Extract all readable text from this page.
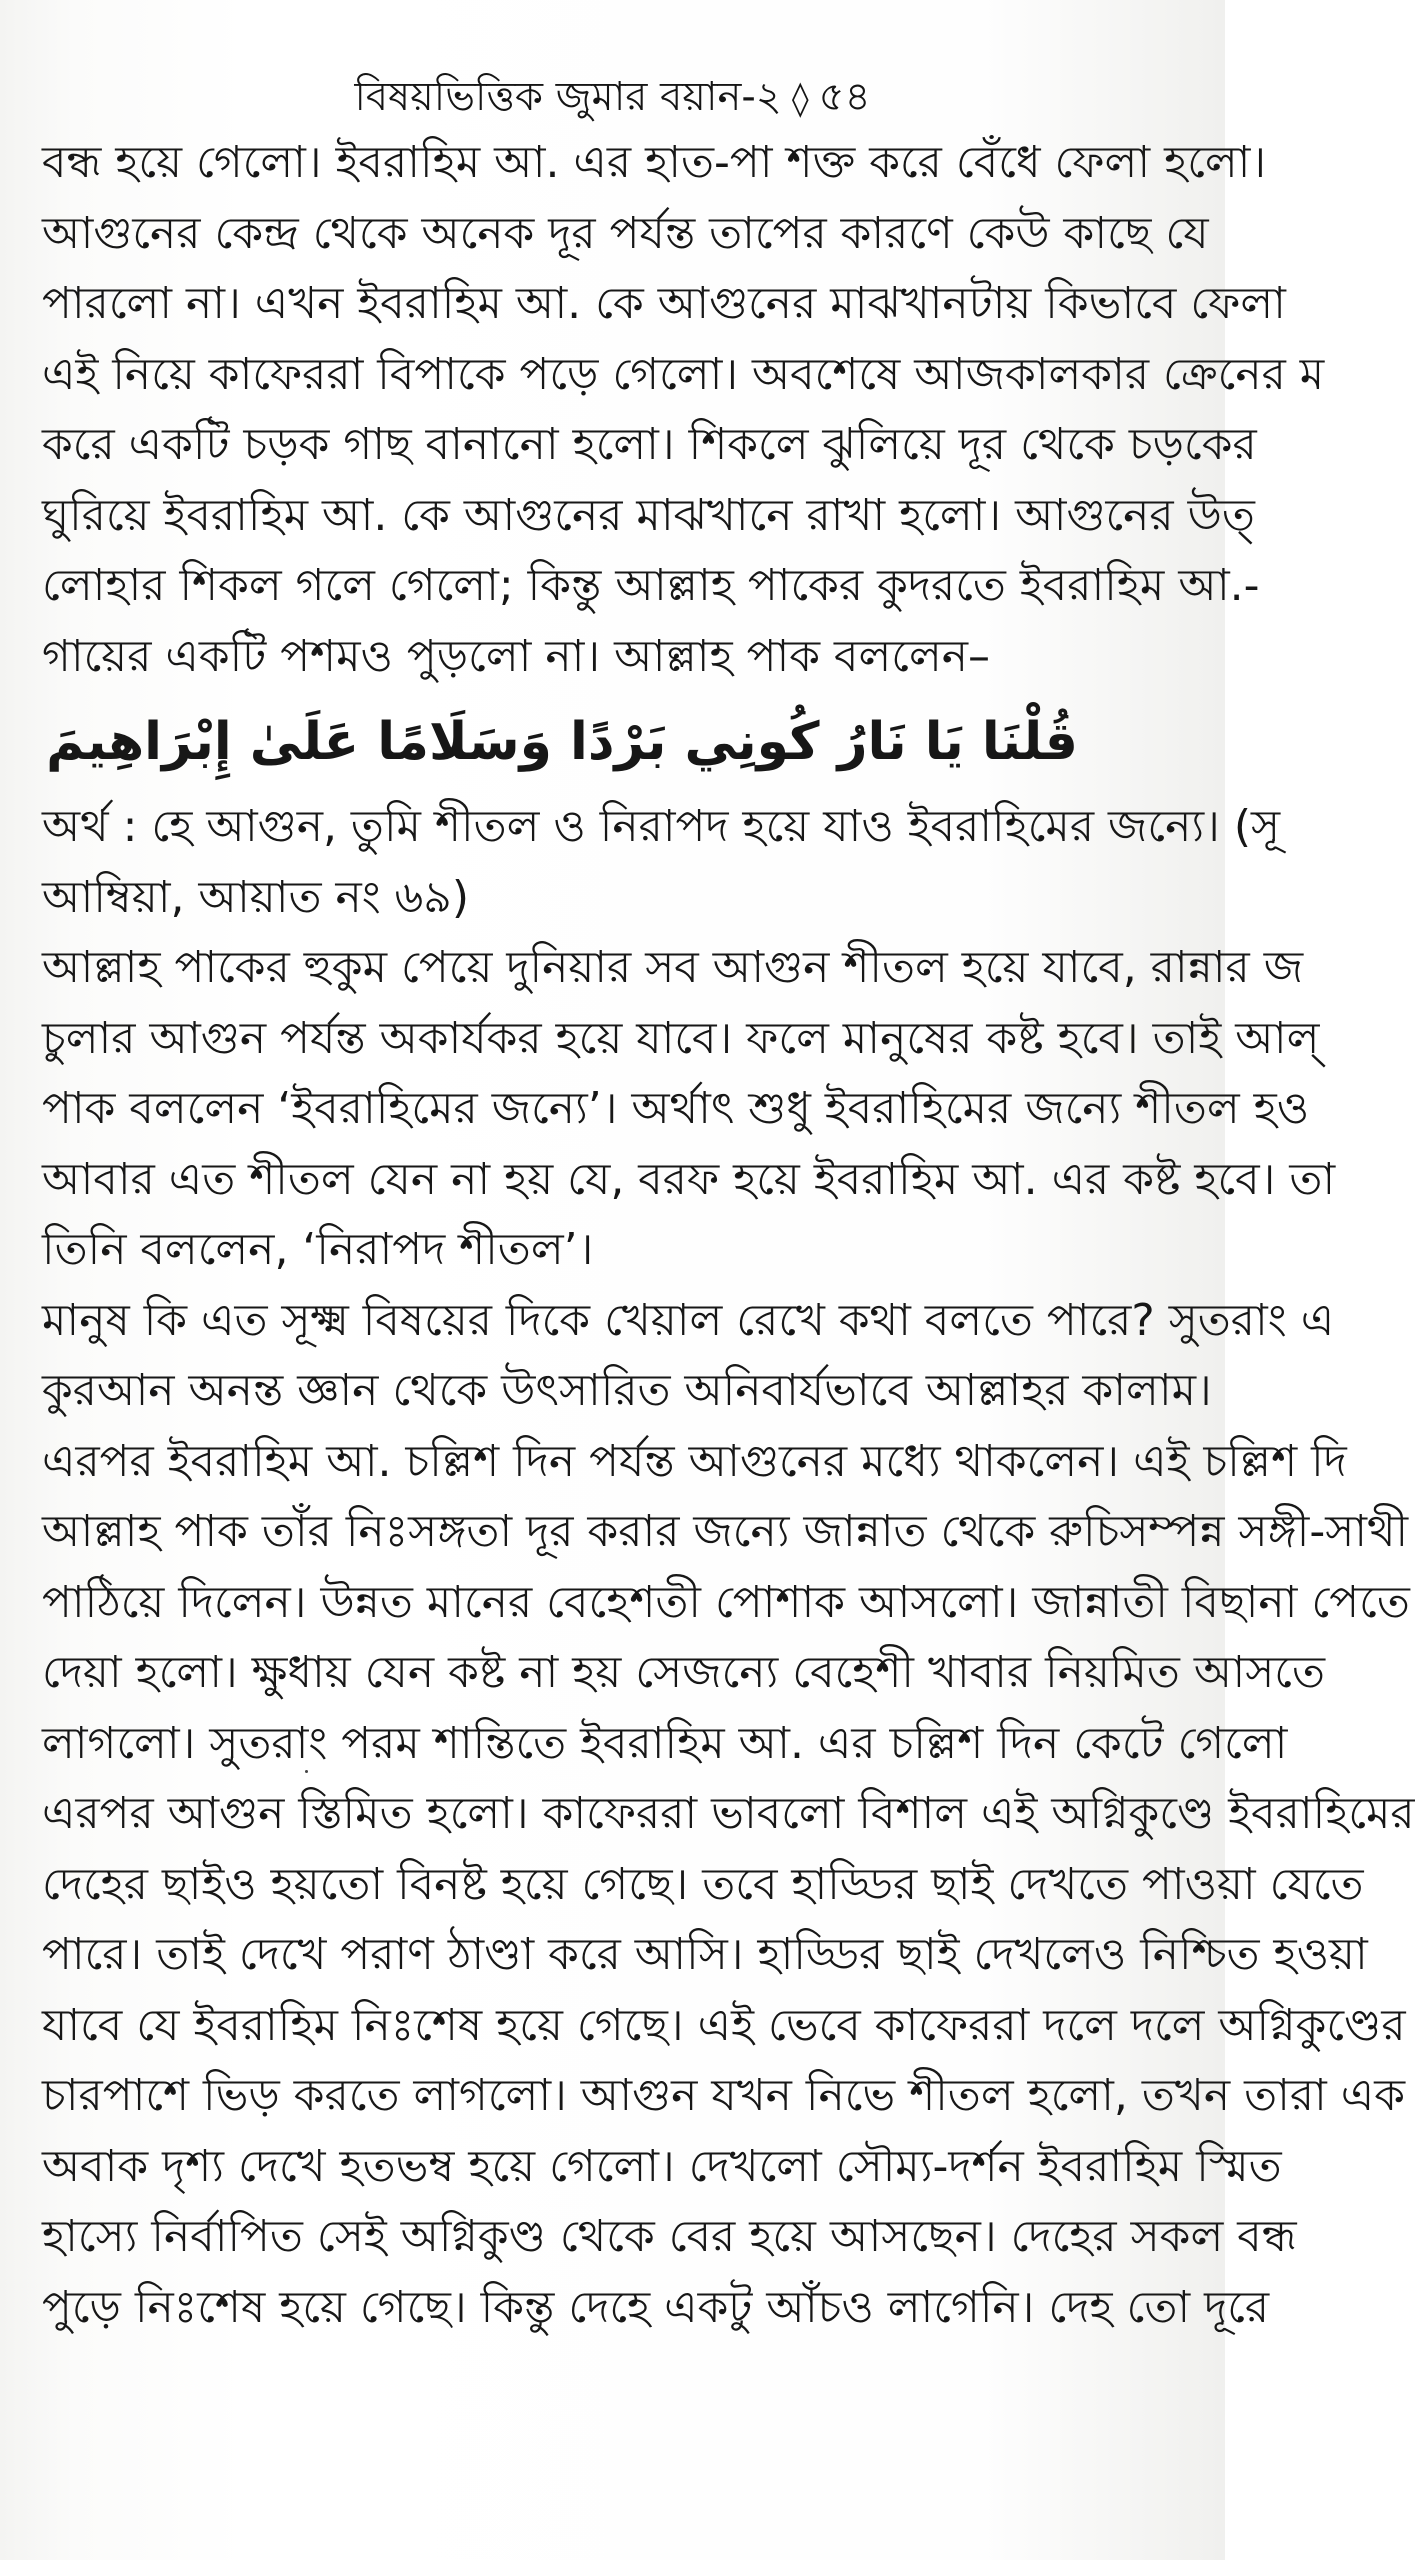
বিষয়ভিত্তিক জুমার বয়ান-২ ◊ ৫৪
বন্ধ হয়ে গেলো। ইবরাহিম আ. এর হাত-পা শক্ত করে বেঁধে ফেলা হলো।
আগুনের কেন্দ্র থেকে অনেক দূর পর্যন্ত তাপের কারণে কেউ কাছে যে
পারলো না। এখন ইবরাহিম আ. কে আগুনের মাঝখানটায় কিভাবে ফেলা
এই নিয়ে কাফেররা বিপাকে পড়ে গেলো। অবশেষে আজকালকার ক্রেনের ম
করে একটি চড়ক গাছ বানানো হলো। শিকলে ঝুলিয়ে দূর থেকে চড়কের
ঘুরিয়ে ইবরাহিম আ. কে আগুনের মাঝখানে রাখা হলো। আগুনের উত্
লোহার শিকল গলে গেলো; কিন্তু আল্লাহ পাকের কুদরতে ইবরাহিম আ.-
গায়ের একটি পশমও পুড়লো না। আল্লাহ পাক বললেন–
قُلْنَا يَا نَارُ كُونِي بَرْدًا وَسَلَامًا عَلَىٰ إِبْرَاهِيمَ
অর্থ : হে আগুন, তুমি শীতল ও নিরাপদ হয়ে যাও ইবরাহিমের জন্যে। (সূ
আম্বিয়া, আয়াত নং ৬৯)
আল্লাহ পাকের হুকুম পেয়ে দুনিয়ার সব আগুন শীতল হয়ে যাবে, রান্নার জ
চুলার আগুন পর্যন্ত অকার্যকর হয়ে যাবে। ফলে মানুষের কষ্ট হবে। তাই আল্
পাক বললেন ‘ইবরাহিমের জন্যে’। অর্থাৎ শুধু ইবরাহিমের জন্যে শীতল হও
আবার এত শীতল যেন না হয় যে, বরফ হয়ে ইবরাহিম আ. এর কষ্ট হবে। তা
তিনি বললেন, ‘নিরাপদ শীতল’।
মানুষ কি এত সূক্ষ্ম বিষয়ের দিকে খেয়াল রেখে কথা বলতে পারে? সুতরাং এ
কুরআন অনন্ত জ্ঞান থেকে উৎসারিত অনিবার্যভাবে আল্লাহর কালাম।
এরপর ইবরাহিম আ. চল্লিশ দিন পর্যন্ত আগুনের মধ্যে থাকলেন। এই চল্লিশ দি
আল্লাহ পাক তাঁর নিঃসঙ্গতা দূর করার জন্যে জান্নাত থেকে রুচিসম্পন্ন সঙ্গী-সাথী
পাঠিয়ে দিলেন। উন্নত মানের বেহেশতী পোশাক আসলো। জান্নাতী বিছানা পেতে
দেয়া হলো। ক্ষুধায় যেন কষ্ট না হয় সেজন্যে বেহেশী খাবার নিয়মিত আসতে
লাগলো। সুতরাং পরম শান্তিতে ইবরাহিম আ. এর চল্লিশ দিন কেটে গেলো
এরপর আগুন স্তিমিত হলো। কাফেররা ভাবলো বিশাল এই অগ্নিকুণ্ডে ইবরাহিমের
দেহের ছাইও হয়তো বিনষ্ট হয়ে গেছে। তবে হাড্ডির ছাই দেখতে পাওয়া যেতে
পারে। তাই দেখে পরাণ ঠাণ্ডা করে আসি। হাড্ডির ছাই দেখলেও নিশ্চিত হওয়া
যাবে যে ইবরাহিম নিঃশেষ হয়ে গেছে। এই ভেবে কাফেররা দলে দলে অগ্নিকুণ্ডের
চারপাশে ভিড় করতে লাগলো। আগুন যখন নিভে শীতল হলো, তখন তারা এক
অবাক দৃশ্য দেখে হতভম্ব হয়ে গেলো। দেখলো সৌম্য-দর্শন ইবরাহিম স্মিত
হাস্যে নির্বাপিত সেই অগ্নিকুণ্ড থেকে বের হয়ে আসছেন। দেহের সকল বন্ধ
পুড়ে নিঃশেষ হয়ে গেছে। কিন্তু দেহে একটু আঁচও লাগেনি। দেহ তো দূরে
